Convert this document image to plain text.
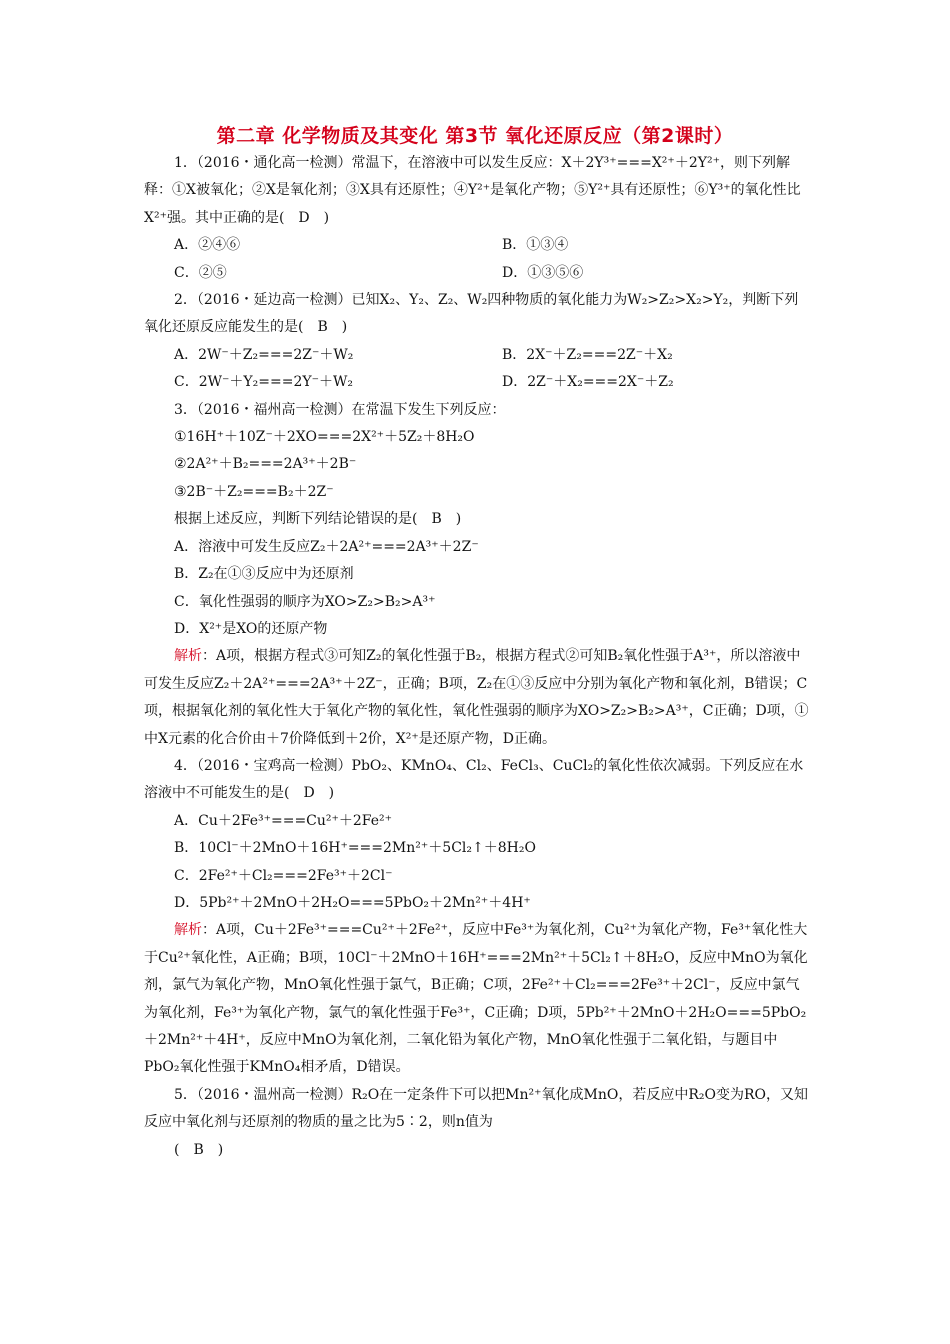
第二章 化学物质及其变化 第3节 氧化还原反应（第2课时）

1．（2016・通化高一检测）常温下，在溶液中可以发生反应：X＋2Y³⁺===X²⁺＋2Y²⁺，则下列解释：①X被氧化；②X是氧化剂；③X具有还原性；④Y²⁺是氧化产物；⑤Y²⁺具有还原性；⑥Y³⁺的氧化性比X²⁺强。其中正确的是(　D　)

A．②④⑥	B．①③④
C．②⑤	D．①③⑤⑥

2．（2016・延边高一检测）已知X₂、Y₂、Z₂、W₂四种物质的氧化能力为W₂>Z₂>X₂>Y₂，判断下列氧化还原反应能发生的是(　B　)

A．2W⁻＋Z₂===2Z⁻＋W₂	B．2X⁻＋Z₂===2Z⁻＋X₂
C．2W⁻＋Y₂===2Y⁻＋W₂	D．2Z⁻＋X₂===2X⁻＋Z₂

3．（2016・福州高一检测）在常温下发生下列反应：

①16H⁺＋10Z⁻＋2XO===2X²⁺＋5Z₂＋8H₂O

②2A²⁺＋B₂===2A³⁺＋2B⁻

③2B⁻＋Z₂===B₂＋2Z⁻

根据上述反应，判断下列结论错误的是(　B　)

A．溶液中可发生反应Z₂＋2A²⁺===2A³⁺＋2Z⁻

B．Z₂在①③反应中为还原剂

C．氧化性强弱的顺序为XO>Z₂>B₂>A³⁺

D．X²⁺是XO的还原产物

解析：A项，根据方程式③可知Z₂的氧化性强于B₂，根据方程式②可知B₂氧化性强于A³⁺，所以溶液中可发生反应Z₂＋2A²⁺===2A³⁺＋2Z⁻，正确；B项，Z₂在①③反应中分别为氧化产物和氧化剂，B错误；C项，根据氧化剂的氧化性大于氧化产物的氧化性，氧化性强弱的顺序为XO>Z₂>B₂>A³⁺，C正确；D项，①中X元素的化合价由＋7价降低到＋2价，X²⁺是还原产物，D正确。

4．（2016・宝鸡高一检测）PbO₂、KMnO₄、Cl₂、FeCl₃、CuCl₂的氧化性依次减弱。下列反应在水溶液中不可能发生的是(　D　)

A．Cu＋2Fe³⁺===Cu²⁺＋2Fe²⁺

B．10Cl⁻＋2MnO＋16H⁺===2Mn²⁺＋5Cl₂↑＋8H₂O

C．2Fe²⁺＋Cl₂===2Fe³⁺＋2Cl⁻

D．5Pb²⁺＋2MnO＋2H₂O===5PbO₂＋2Mn²⁺＋4H⁺

解析：A项，Cu＋2Fe³⁺===Cu²⁺＋2Fe²⁺，反应中Fe³⁺为氧化剂，Cu²⁺为氧化产物，Fe³⁺氧化性大于Cu²⁺氧化性，A正确；B项，10Cl⁻＋2MnO＋16H⁺===2Mn²⁺＋5Cl₂↑＋8H₂O，反应中MnO为氧化剂，氯气为氧化产物，MnO氧化性强于氯气，B正确；C项，2Fe²⁺＋Cl₂===2Fe³⁺＋2Cl⁻，反应中氯气为氧化剂，Fe³⁺为氧化产物，氯气的氧化性强于Fe³⁺，C正确；D项，5Pb²⁺＋2MnO＋2H₂O===5PbO₂＋2Mn²⁺＋4H⁺，反应中MnO为氧化剂，二氧化铅为氧化产物，MnO氧化性强于二氧化铅，与题目中PbO₂氧化性强于KMnO₄相矛盾，D错误。

5．（2016・温州高一检测）R₂O在一定条件下可以把Mn²⁺氧化成MnO，若反应中R₂O变为RO，又知反应中氧化剂与还原剂的物质的量之比为5∶2，则n值为

(　B　)
